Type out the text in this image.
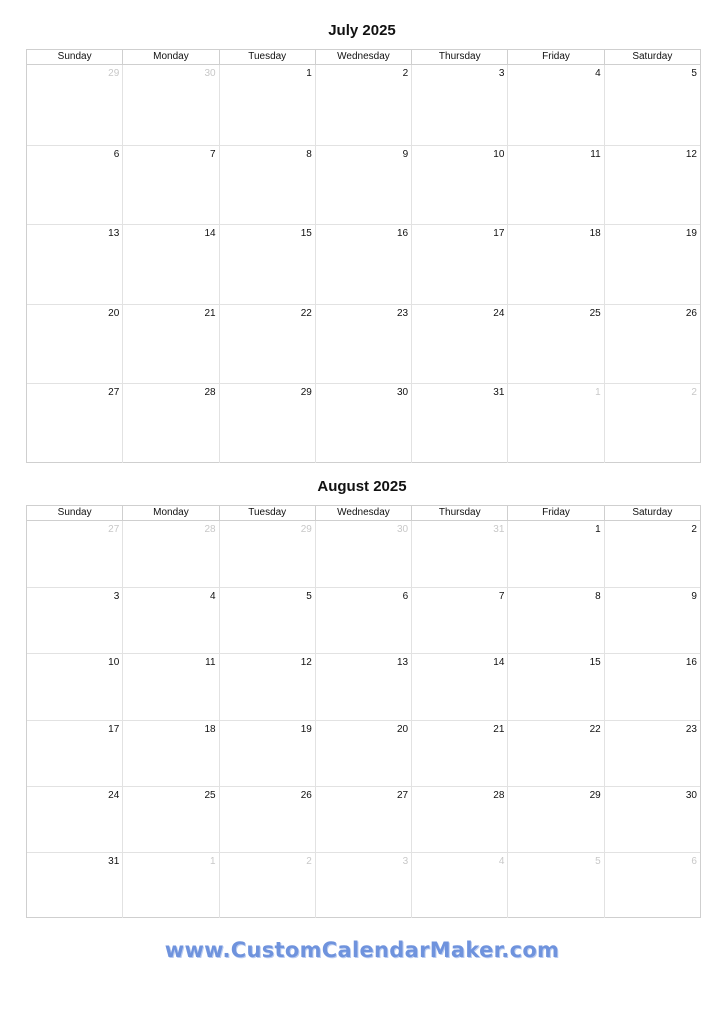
July 2025
Sunday	Monday	Tuesday	Wednesday	Thursday	Friday	Saturday
29	30	1	2	3	4	5
6	7	8	9	10	11	12
13	14	15	16	17	18	19
20	21	22	23	24	25	26
27	28	29	30	31	1	2
August 2025
Sunday	Monday	Tuesday	Wednesday	Thursday	Friday	Saturday
27	28	29	30	31	1	2
3	4	5	6	7	8	9
10	11	12	13	14	15	16
17	18	19	20	21	22	23
24	25	26	27	28	29	30
31	1	2	3	4	5	6
www.CustomCalendarMaker.com
